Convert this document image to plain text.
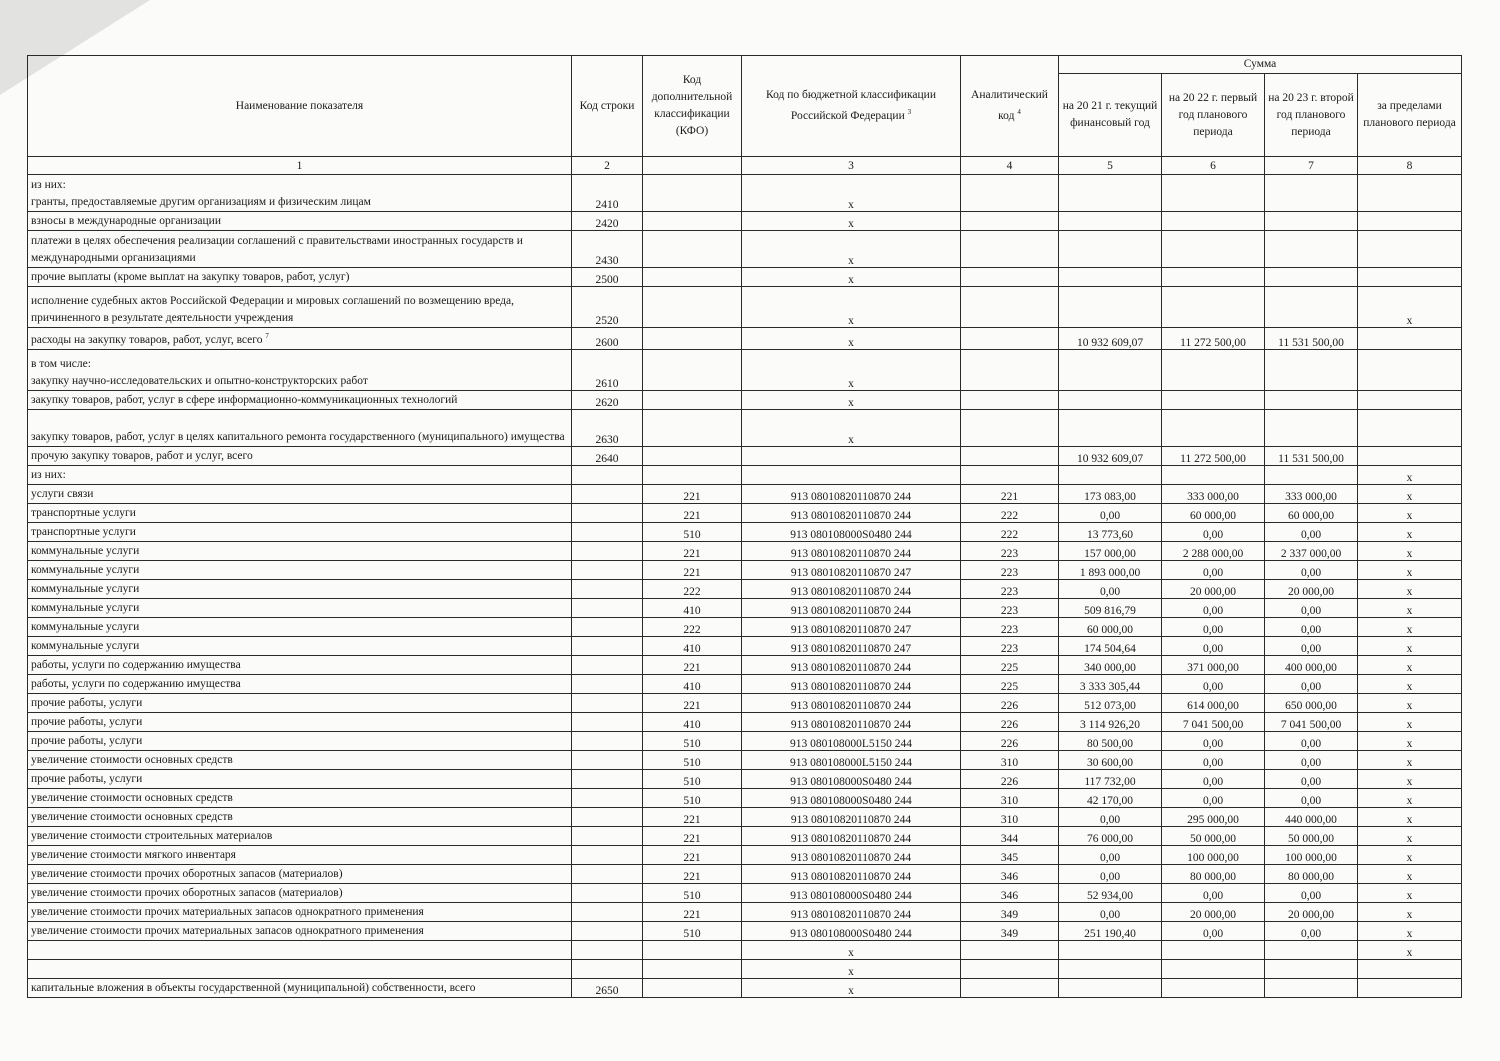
Наименование показателя	Код строки	Код дополнительной классификации (КФО)	Код по бюджетной классификации Российской Федерации $^3$	Аналитический код $^4$	Сумма			
					на 20 21 г. текущий финансовый год	на 20 22 г. первый год планового периода	на 20 23 г. второй год планового периода	за пределами планового периода
1	2		3	4	5	6	7	8

из них:
гранты, предоставляемые другим организациям и физическим лицам	2410		x					
взносы в международные организации	2420		x					
платежи в целях обеспечения реализации соглашений с правительствами иностранных государств и международными организациями	2430		x					
прочие выплаты (кроме выплат на закупку товаров, работ, услуг)	2500		x					
исполнение судебных актов Российской Федерации и мировых соглашений по возмещению вреда, причиненного в результате деятельности учреждения	2520		x					x
расходы на закупку товаров, работ, услуг, всего $^7$	2600		x		10 932 609,07	11 272 500,00	11 531 500,00	

в том числе:
закупку научно-исследовательских и опытно-конструкторских работ	2610		x					
закупку товаров, работ, услуг в сфере информационно-коммуникационных технологий	2620		x					
закупку товаров, работ, услуг в целях капитального ремонта государственного (муниципального) имущества	2630		x					
прочую закупку товаров, работ и услуг, всего	2640				10 932 609,07	11 272 500,00	11 531 500,00	
из них:								x
услуги связи		221	913 08010820110870 244	221	173 083,00	333 000,00	333 000,00	x
транспортные услуги		221	913 08010820110870 244	222	0,00	60 000,00	60 000,00	x
транспортные услуги		510	913 080108000S0480 244	222	13 773,60	0,00	0,00	x
коммунальные услуги		221	913 08010820110870 244	223	157 000,00	2 288 000,00	2 337 000,00	x
коммунальные услуги		221	913 08010820110870 247	223	1 893 000,00	0,00	0,00	x
коммунальные услуги		222	913 08010820110870 244	223	0,00	20 000,00	20 000,00	x
коммунальные услуги		410	913 08010820110870 244	223	509 816,79	0,00	0,00	x
коммунальные услуги		222	913 08010820110870 247	223	60 000,00	0,00	0,00	x
коммунальные услуги		410	913 08010820110870 247	223	174 504,64	0,00	0,00	x
работы, услуги по содержанию имущества		221	913 08010820110870 244	225	340 000,00	371 000,00	400 000,00	x
работы, услуги по содержанию имущества		410	913 08010820110870 244	225	3 333 305,44	0,00	0,00	x
прочие работы, услуги		221	913 08010820110870 244	226	512 073,00	614 000,00	650 000,00	x
прочие работы, услуги		410	913 08010820110870 244	226	3 114 926,20	7 041 500,00	7 041 500,00	x
прочие работы, услуги		510	913 080108000L5150 244	226	80 500,00	0,00	0,00	x
увеличение стоимости основных средств		510	913 080108000L5150 244	310	30 600,00	0,00	0,00	x
прочие работы, услуги		510	913 080108000S0480 244	226	117 732,00	0,00	0,00	x
увеличение стоимости основных средств		510	913 080108000S0480 244	310	42 170,00	0,00	0,00	x
увеличение стоимости основных средств		221	913 08010820110870 244	310	0,00	295 000,00	440 000,00	x
увеличение стоимости строительных материалов		221	913 08010820110870 244	344	76 000,00	50 000,00	50 000,00	x
увеличение стоимости мягкого инвентаря		221	913 08010820110870 244	345	0,00	100 000,00	100 000,00	x
увеличение стоимости прочих оборотных запасов (материалов)		221	913 08010820110870 244	346	0,00	80 000,00	80 000,00	x
увеличение стоимости прочих оборотных запасов (материалов)		510	913 080108000S0480 244	346	52 934,00	0,00	0,00	x
увеличение стоимости прочих материальных запасов однократного применения		221	913 08010820110870 244	349	0,00	20 000,00	20 000,00	x
увеличение стоимости прочих материальных запасов однократного применения		510	913 080108000S0480 244	349	251 190,40	0,00	0,00	x
			x					x
			x					
капитальные вложения в объекты государственной (муниципальной) собственности, всего	2650		x					
